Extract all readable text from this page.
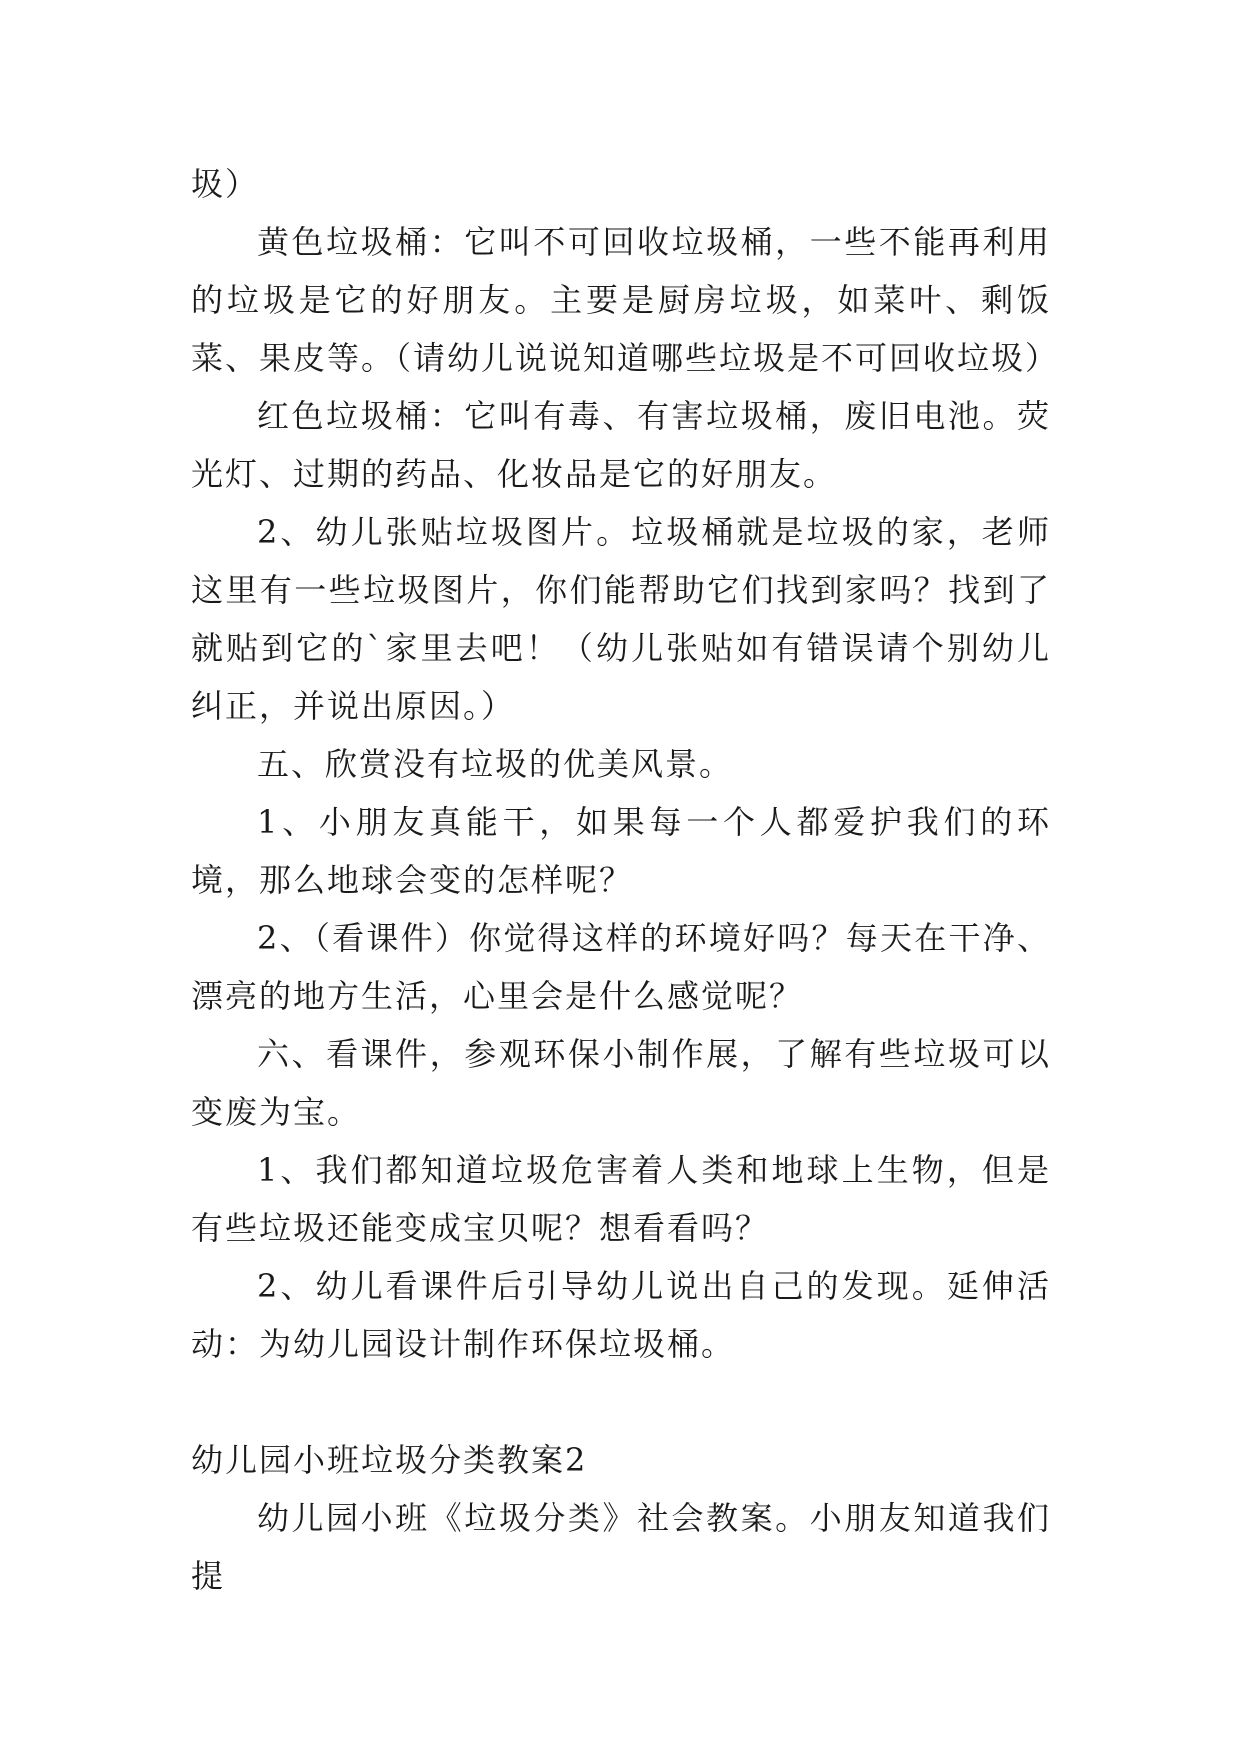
圾）

黄色垃圾桶：它叫不可回收垃圾桶，一些不能再利用的垃圾是它的好朋友。主要是厨房垃圾，如菜叶、剩饭菜、果皮等。（请幼儿说说知道哪些垃圾是不可回收垃圾）

红色垃圾桶：它叫有毒、有害垃圾桶，废旧电池。荧光灯、过期的药品、化妆品是它的好朋友。

2、幼儿张贴垃圾图片。垃圾桶就是垃圾的家，老师这里有一些垃圾图片，你们能帮助它们找到家吗？找到了就贴到它的`家里去吧！（幼儿张贴如有错误请个别幼儿纠正，并说出原因。）

五、欣赏没有垃圾的优美风景。

1、小朋友真能干，如果每一个人都爱护我们的环境，那么地球会变的怎样呢？

2、（看课件）你觉得这样的环境好吗？每天在干净、漂亮的地方生活，心里会是什么感觉呢？

六、看课件，参观环保小制作展，了解有些垃圾可以变废为宝。

1、我们都知道垃圾危害着人类和地球上生物，但是有些垃圾还能变成宝贝呢？想看看吗？

2、幼儿看课件后引导幼儿说出自己的发现。延伸活动：为幼儿园设计制作环保垃圾桶。

幼儿园小班垃圾分类教案2

幼儿园小班《垃圾分类》社会教案。小朋友知道我们提
